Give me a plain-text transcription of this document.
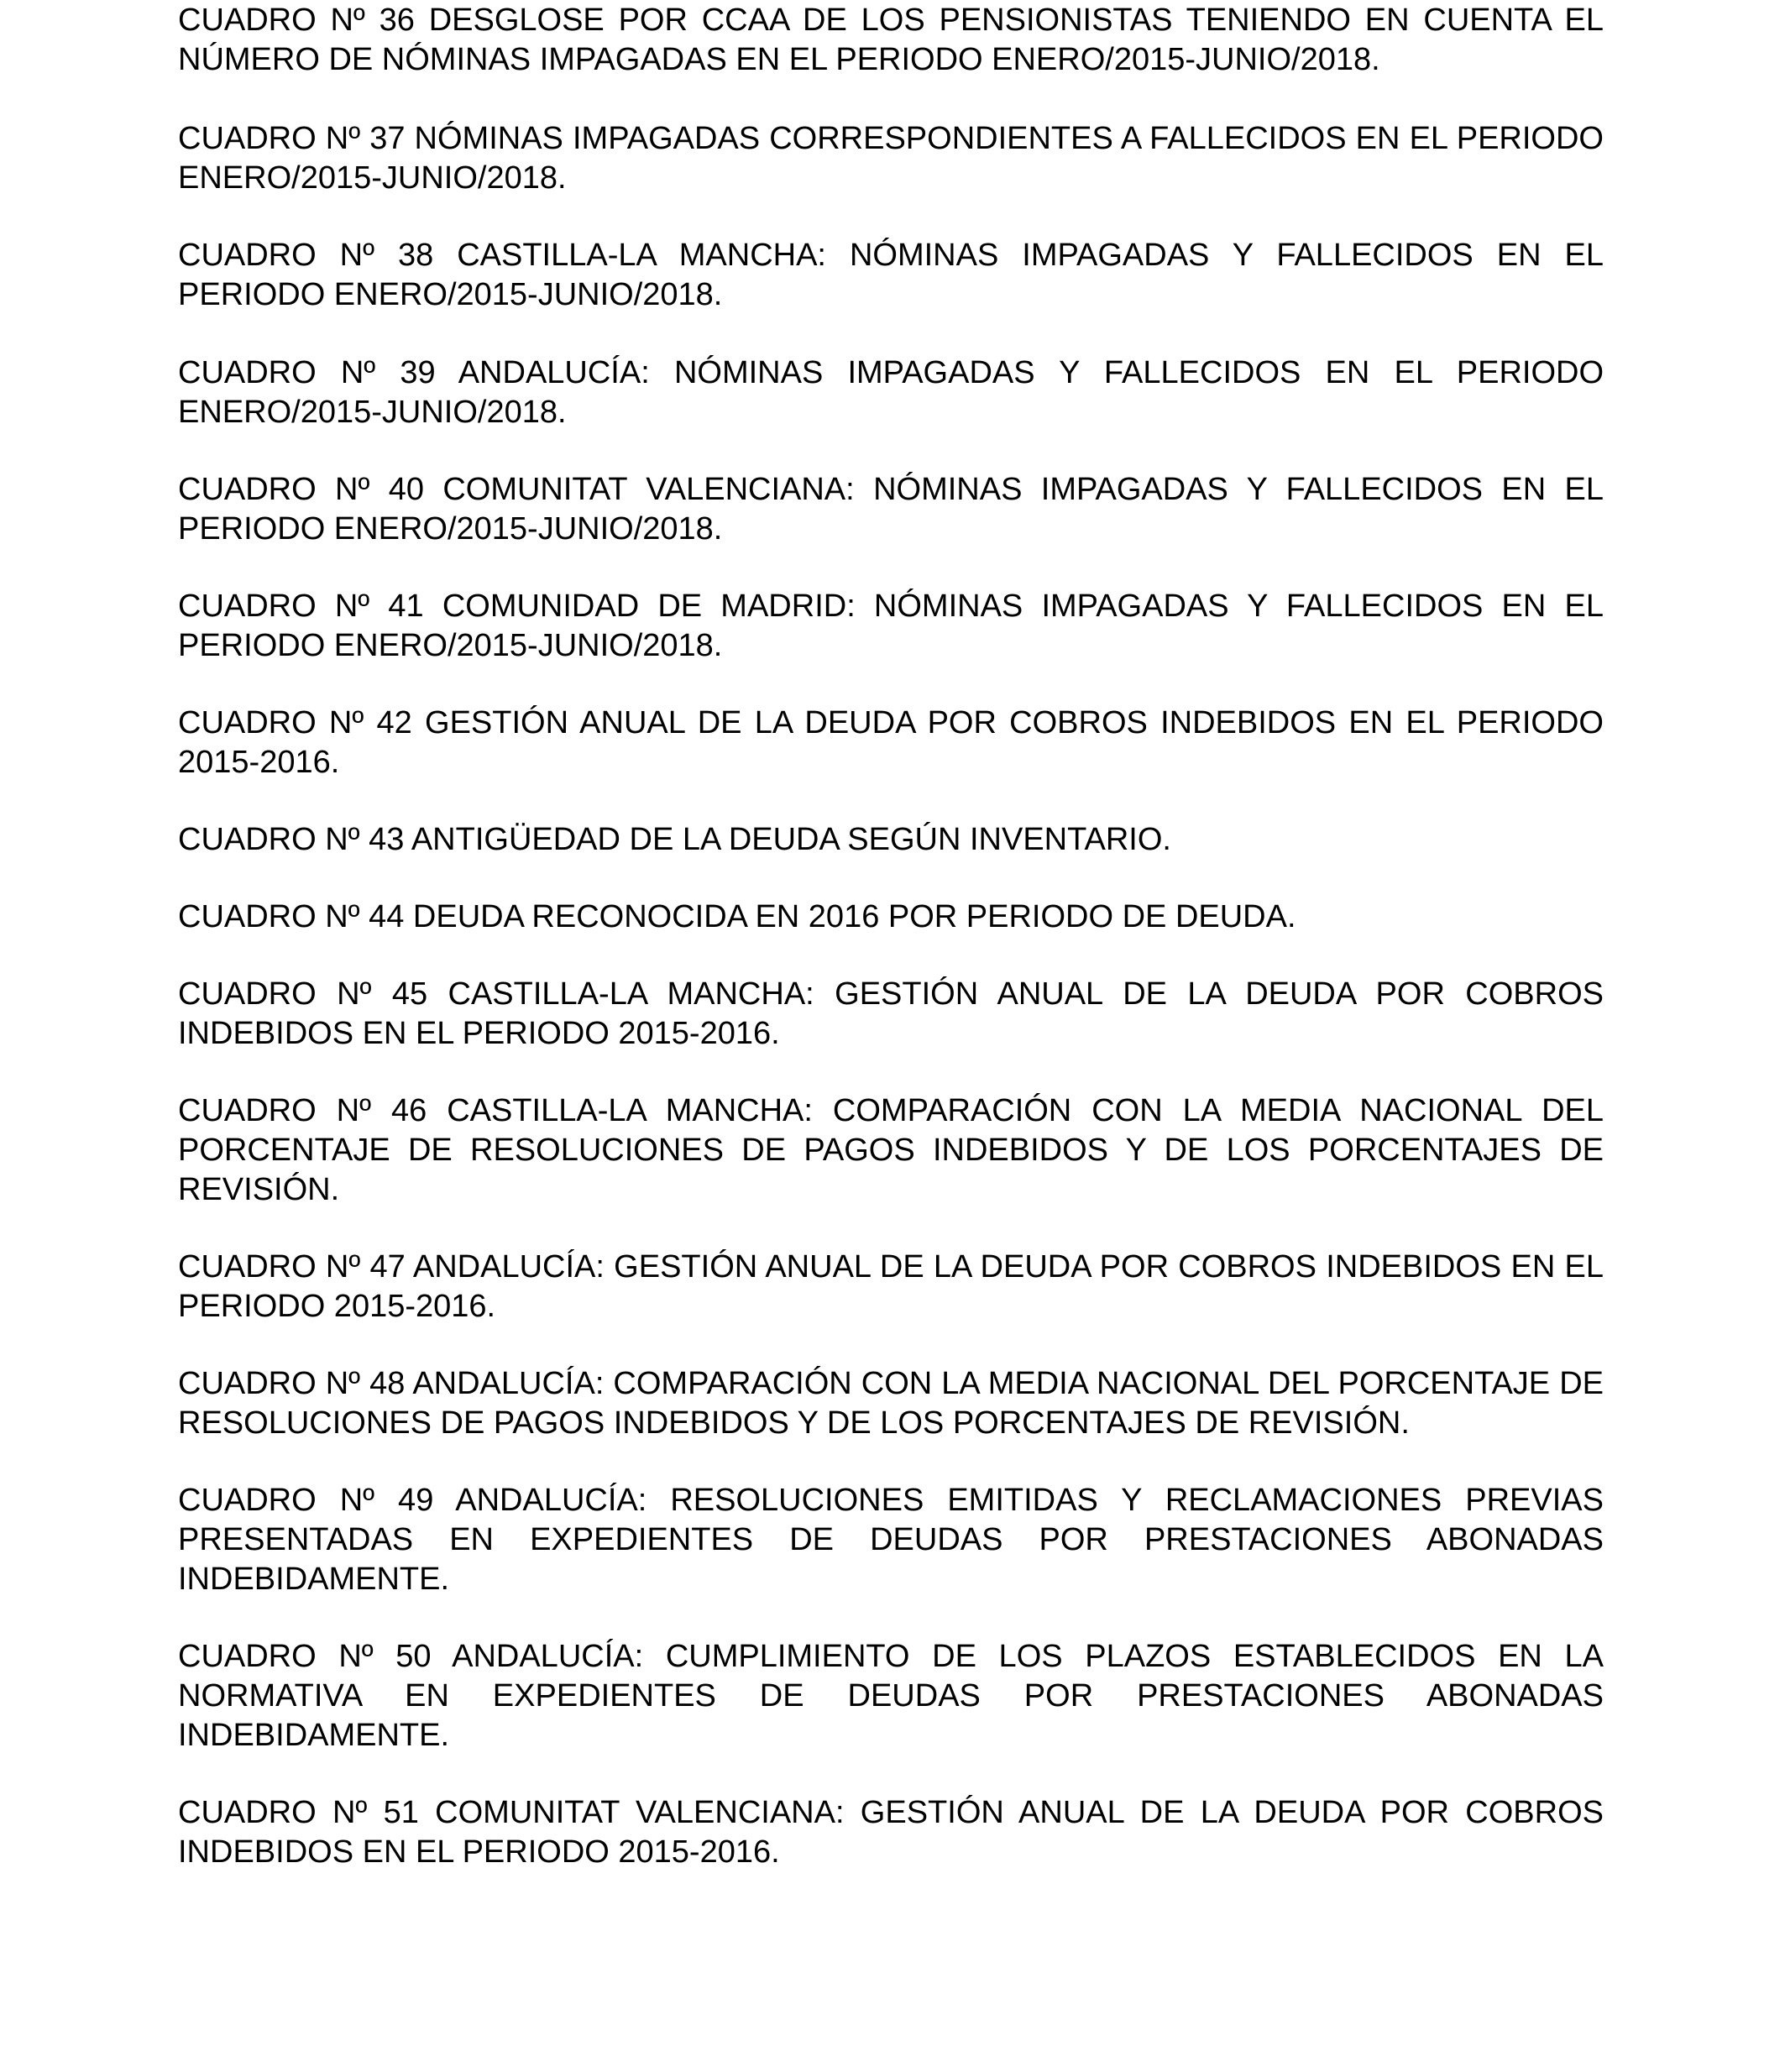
CUADRO Nº 36 DESGLOSE POR CCAA DE LOS PENSIONISTAS TENIENDO EN CUENTA EL NÚMERO DE NÓMINAS IMPAGADAS EN EL PERIODO ENERO/2015-JUNIO/2018.

CUADRO Nº 37 NÓMINAS IMPAGADAS CORRESPONDIENTES A FALLECIDOS EN EL PERIODO ENERO/2015-JUNIO/2018.

CUADRO Nº 38 CASTILLA-LA MANCHA: NÓMINAS IMPAGADAS Y FALLECIDOS EN EL PERIODO ENERO/2015-JUNIO/2018.

CUADRO Nº 39 ANDALUCÍA: NÓMINAS IMPAGADAS Y FALLECIDOS EN EL PERIODO ENERO/2015-JUNIO/2018.

CUADRO Nº 40 COMUNITAT VALENCIANA: NÓMINAS IMPAGADAS Y FALLECIDOS EN EL PERIODO ENERO/2015-JUNIO/2018.

CUADRO Nº 41 COMUNIDAD DE MADRID: NÓMINAS IMPAGADAS Y FALLECIDOS EN EL PERIODO ENERO/2015-JUNIO/2018.

CUADRO Nº 42 GESTIÓN ANUAL DE LA DEUDA POR COBROS INDEBIDOS EN EL PERIODO 2015-2016.

CUADRO Nº 43 ANTIGÜEDAD DE LA DEUDA SEGÚN INVENTARIO.

CUADRO Nº 44 DEUDA RECONOCIDA EN 2016 POR PERIODO DE DEUDA.

CUADRO Nº 45 CASTILLA-LA MANCHA: GESTIÓN ANUAL DE LA DEUDA POR COBROS INDEBIDOS EN EL PERIODO 2015-2016.

CUADRO Nº 46 CASTILLA-LA MANCHA: COMPARACIÓN CON LA MEDIA NACIONAL DEL PORCENTAJE DE RESOLUCIONES DE PAGOS INDEBIDOS Y DE LOS PORCENTAJES DE REVISIÓN.

CUADRO Nº 47 ANDALUCÍA: GESTIÓN ANUAL DE LA DEUDA POR COBROS INDEBIDOS EN EL PERIODO 2015-2016.

CUADRO Nº 48 ANDALUCÍA: COMPARACIÓN CON LA MEDIA NACIONAL DEL PORCENTAJE DE RESOLUCIONES DE PAGOS INDEBIDOS Y DE LOS PORCENTAJES DE REVISIÓN.

CUADRO Nº 49 ANDALUCÍA: RESOLUCIONES EMITIDAS Y RECLAMACIONES PREVIAS PRESENTADAS EN EXPEDIENTES DE DEUDAS POR PRESTACIONES ABONADAS INDEBIDAMENTE.

CUADRO Nº 50 ANDALUCÍA: CUMPLIMIENTO DE LOS PLAZOS ESTABLECIDOS EN LA NORMATIVA EN EXPEDIENTES DE DEUDAS POR PRESTACIONES ABONADAS INDEBIDAMENTE.

CUADRO Nº 51 COMUNITAT VALENCIANA: GESTIÓN ANUAL DE LA DEUDA POR COBROS INDEBIDOS EN EL PERIODO 2015-2016.
